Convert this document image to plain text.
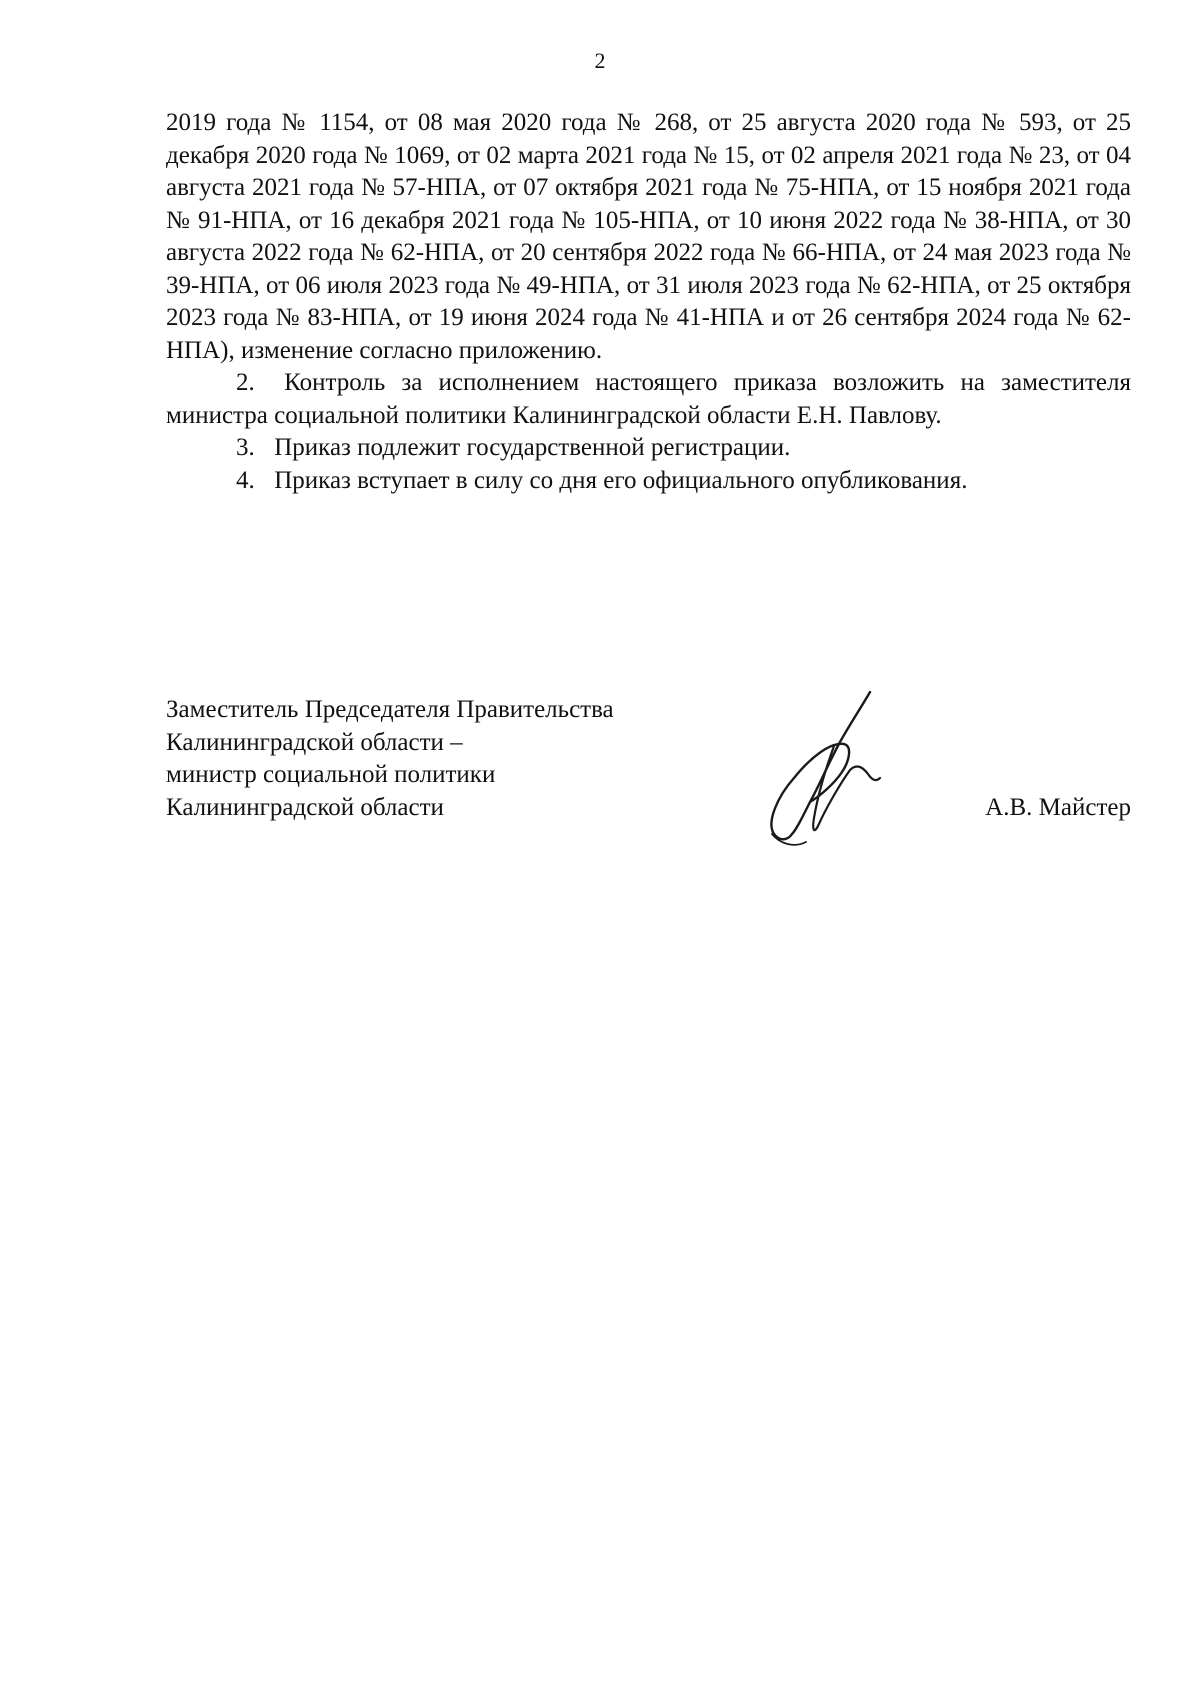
2

2019 года № 1154, от 08 мая 2020 года № 268, от 25 августа 2020 года № 593, от 25 декабря 2020 года № 1069, от 02 марта 2021 года № 15, от 02 апреля 2021 года № 23, от 04 августа 2021 года № 57-НПА, от 07 октября 2021 года № 75-НПА, от 15 ноября 2021 года № 91-НПА, от 16 декабря 2021 года № 105-НПА, от 10 июня 2022 года № 38-НПА, от 30 августа 2022 года № 62-НПА, от 20 сентября 2022 года № 66-НПА, от 24 мая 2023 года № 39-НПА, от 06 июля 2023 года № 49-НПА, от 31 июля 2023 года № 62-НПА, от 25 октября 2023 года № 83-НПА, от 19 июня 2024 года № 41-НПА и от 26 сентября 2024 года № 62-НПА), изменение согласно приложению.

2. Контроль за исполнением настоящего приказа возложить на заместителя министра социальной политики Калининградской области Е.Н. Павлову.

3. Приказ подлежит государственной регистрации.

4. Приказ вступает в силу со дня его официального опубликования.

Заместитель Председателя Правительства
Калининградской области –
министр социальной политики
Калининградской области	А.В. Майстер
